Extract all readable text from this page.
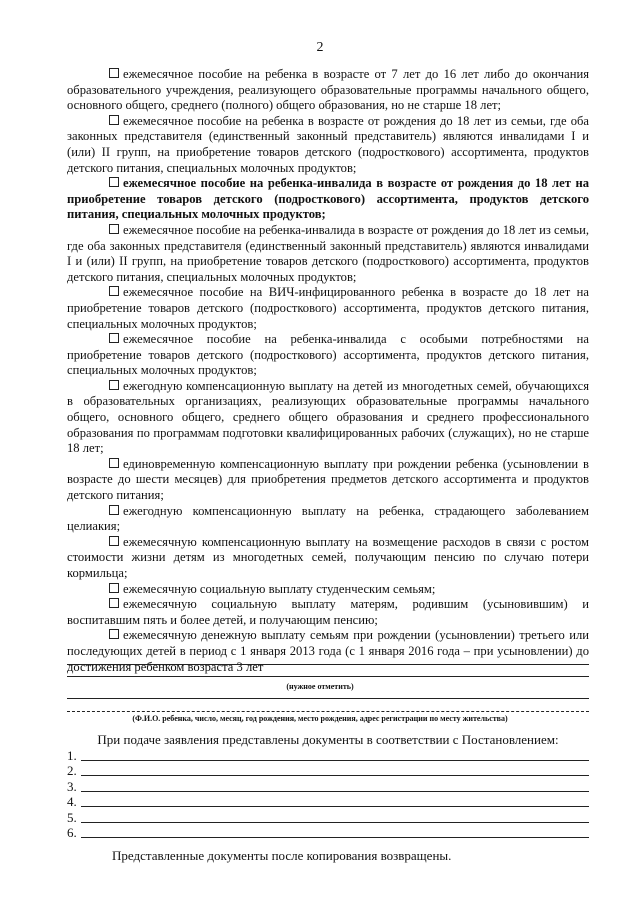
2

ежемесячное пособие на ребенка в возрасте от 7 лет до 16 лет либо до окончания образовательного учреждения, реализующего образовательные программы начального общего, основного общего, среднего (полного) общего образования, но не старше 18 лет;

ежемесячное пособие на ребенка в возрасте от рождения до 18 лет из семьи, где оба законных представителя (единственный законный представитель) являются инвалидами I и (или) II групп, на приобретение товаров детского (подросткового) ассортимента, продуктов детского питания, специальных молочных продуктов;

ежемесячное пособие на ребенка-инвалида в возрасте от рождения до 18 лет на приобретение товаров детского (подросткового) ассортимента, продуктов детского питания, специальных молочных продуктов;

ежемесячное пособие на ребенка-инвалида в возрасте от рождения до 18 лет из семьи, где оба законных представителя (единственный законный представитель) являются инвалидами I и (или) II групп, на приобретение товаров детского (подросткового) ассортимента, продуктов детского питания, специальных молочных продуктов;

ежемесячное пособие на ВИЧ-инфицированного ребенка в возрасте до 18 лет на приобретение товаров детского (подросткового) ассортимента, продуктов детского питания, специальных молочных продуктов;

ежемесячное пособие на ребенка-инвалида с особыми потребностями на приобретение товаров детского (подросткового) ассортимента, продуктов детского питания, специальных молочных продуктов;

ежегодную компенсационную выплату на детей из многодетных семей, обучающихся в образовательных организациях, реализующих образовательные программы начального общего, основного общего, среднего общего образования и среднего профессионального образования по программам подготовки квалифицированных рабочих (служащих), но не старше 18 лет;

единовременную компенсационную выплату при рождении ребенка (усыновлении в возрасте до шести месяцев) для приобретения предметов детского ассортимента и продуктов детского питания;

ежегодную компенсационную выплату на ребенка, страдающего заболеванием целиакия;

ежемесячную компенсационную выплату на возмещение расходов в связи с ростом стоимости жизни детям из многодетных семей, получающим пенсию по случаю потери кормильца;

ежемесячную социальную выплату студенческим семьям;

ежемесячную социальную выплату матерям, родившим (усыновившим) и воспитавшим пять и более детей, и получающим пенсию;

ежемесячную денежную выплату семьям при рождении (усыновлении) третьего или последующих детей в период с 1 января 2013 года (с 1 января 2016 года – при усыновлении) до достижения ребенком возраста 3 лет

(нужное отметить)
(Ф.И.О. ребенка, число, месяц, год рождения, место рождения, адрес регистрации по месту жительства)
При подаче заявления представлены документы в соответствии с Постановлением:
1.
2.
3.
4.
5.
6.
Представленные документы после копирования возвращены.
